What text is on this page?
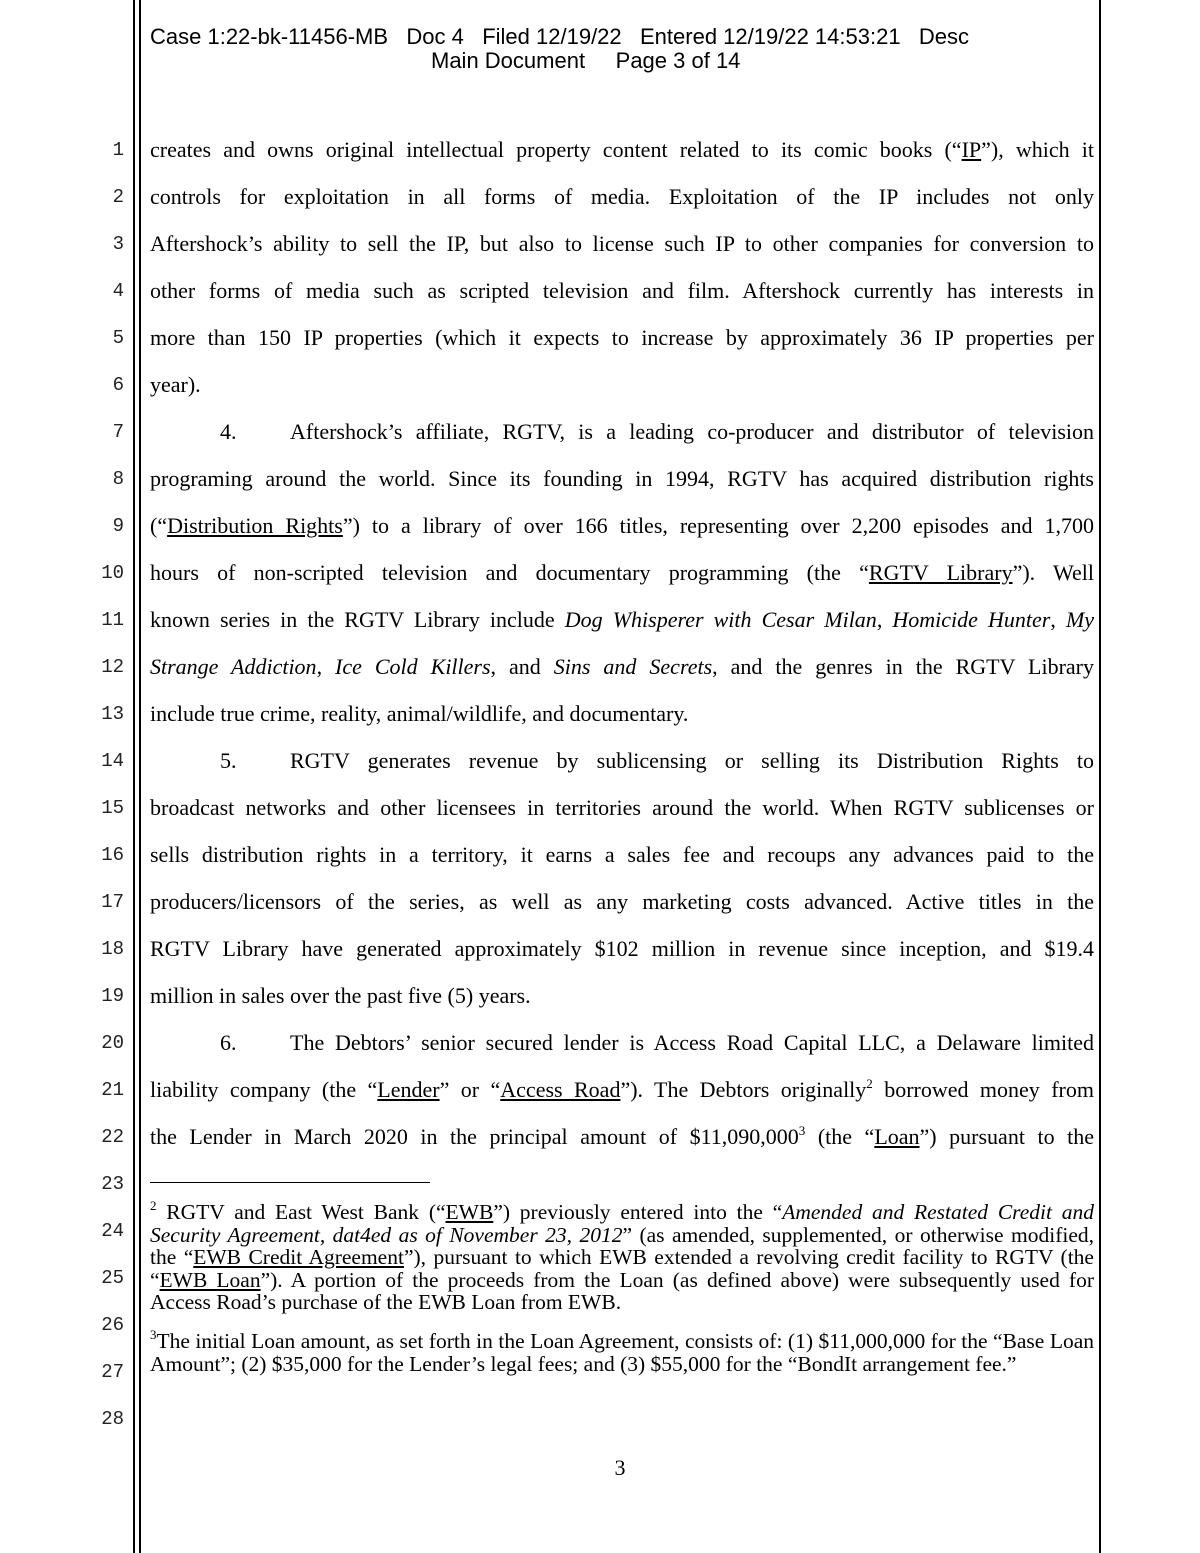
Case 1:22-bk-11456-MB Doc 4 Filed 12/19/22 Entered 12/19/22 14:53:21 Desc
Main Document Page 3 of 14
1
2
3
4
5
6
7
8
9
10
11
12
13
14
15
16
17
18
19
20
21
22
23
24
25
26
27
28
creates and owns original intellectual property content related to its comic books (“IP”), which it
controls for exploitation in all forms of media. Exploitation of the IP includes not only
Aftershock’s ability to sell the IP, but also to license such IP to other companies for conversion to
other forms of media such as scripted television and film. Aftershock currently has interests in
more than 150 IP properties (which it expects to increase by approximately 36 IP properties per
year).
4.	Aftershock’s affiliate, RGTV, is a leading co-producer and distributor of television
programing around the world. Since its founding in 1994, RGTV has acquired distribution rights
(“Distribution Rights”) to a library of over 166 titles, representing over 2,200 episodes and 1,700
hours of non-scripted television and documentary programming (the “RGTV Library”). Well
known series in the RGTV Library include Dog Whisperer with Cesar Milan, Homicide Hunter, My
Strange Addiction, Ice Cold Killers, and Sins and Secrets, and the genres in the RGTV Library
include true crime, reality, animal/wildlife, and documentary.
5.	RGTV generates revenue by sublicensing or selling its Distribution Rights to
broadcast networks and other licensees in territories around the world. When RGTV sublicenses or
sells distribution rights in a territory, it earns a sales fee and recoups any advances paid to the
producers/licensors of the series, as well as any marketing costs advanced. Active titles in the
RGTV Library have generated approximately $102 million in revenue since inception, and $19.4
million in sales over the past five (5) years.
6.	The Debtors’ senior secured lender is Access Road Capital LLC, a Delaware limited
liability company (the “Lender” or “Access Road”). The Debtors originally$^2$ borrowed money from
the Lender in March 2020 in the principal amount of $11,090,000$^3$ (the “Loan”) pursuant to the
$^2$ RGTV and East West Bank (“EWB”) previously entered into the “Amended and Restated Credit and Security Agreement, dat4ed as of November 23, 2012” (as amended, supplemented, or otherwise modified, the “EWB Credit Agreement”), pursuant to which EWB extended a revolving credit facility to RGTV (the “EWB Loan”). A portion of the proceeds from the Loan (as defined above) were subsequently used for Access Road’s purchase of the EWB Loan from EWB.
$^3$The initial Loan amount, as set forth in the Loan Agreement, consists of: (1) $11,000,000 for the “Base Loan Amount”; (2) $35,000 for the Lender’s legal fees; and (3) $55,000 for the “BondIt arrangement fee.”
3
